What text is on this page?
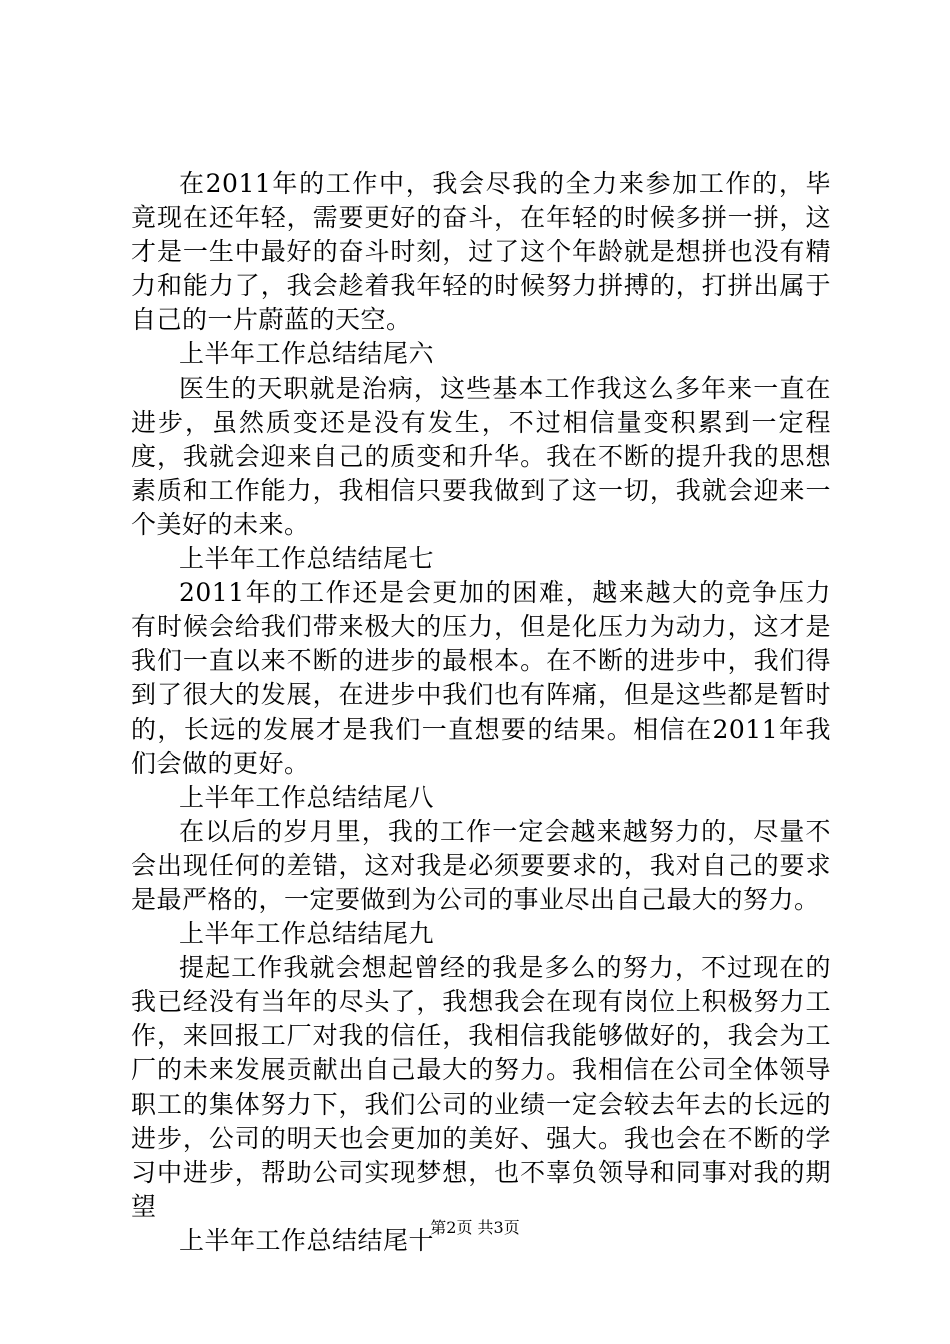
在2011年的工作中，我会尽我的全力来参加工作的，毕竟现在还年轻，需要更好的奋斗，在年轻的时候多拼一拼，这才是一生中最好的奋斗时刻，过了这个年龄就是想拼也没有精力和能力了，我会趁着我年轻的时候努力拼搏的，打拼出属于自己的一片蔚蓝的天空。

上半年工作总结结尾六

医生的天职就是治病，这些基本工作我这么多年来一直在进步，虽然质变还是没有发生，不过相信量变积累到一定程度，我就会迎来自己的质变和升华。我在不断的提升我的思想素质和工作能力，我相信只要我做到了这一切，我就会迎来一个美好的未来。

上半年工作总结结尾七

2011年的工作还是会更加的困难，越来越大的竞争压力有时候会给我们带来极大的压力，但是化压力为动力，这才是我们一直以来不断的进步的最根本。在不断的进步中，我们得到了很大的发展，在进步中我们也有阵痛，但是这些都是暂时的，长远的发展才是我们一直想要的结果。相信在2011年我们会做的更好。

上半年工作总结结尾八

在以后的岁月里，我的工作一定会越来越努力的，尽量不会出现任何的差错，这对我是必须要要求的，我对自己的要求是最严格的，一定要做到为公司的事业尽出自己最大的努力。

上半年工作总结结尾九

提起工作我就会想起曾经的我是多么的努力，不过现在的我已经没有当年的尽头了，我想我会在现有岗位上积极努力工作，来回报工厂对我的信任，我相信我能够做好的，我会为工厂的未来发展贡献出自己最大的努力。我相信在公司全体领导职工的集体努力下，我们公司的业绩一定会较去年去的长远的进步，公司的明天也会更加的美好、强大。我也会在不断的学习中进步，帮助公司实现梦想，也不辜负领导和同事对我的期望

上半年工作总结结尾十

第2页 共3页
